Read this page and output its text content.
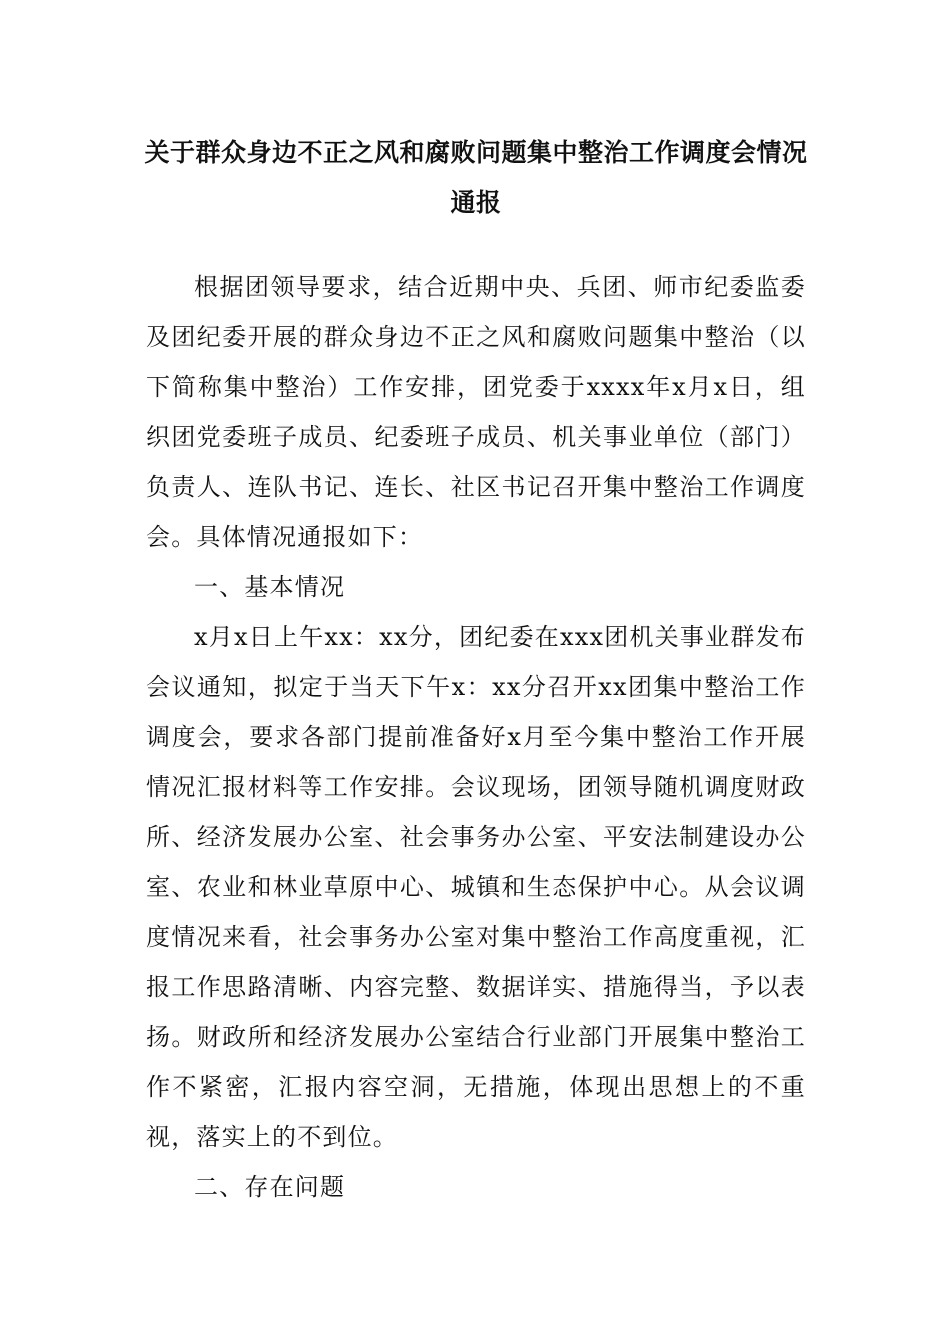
关于群众身边不正之风和腐败问题集中整治工作调度会情况通报

根据团领导要求，结合近期中央、兵团、师市纪委监委及团纪委开展的群众身边不正之风和腐败问题集中整治（以下简称集中整治）工作安排，团党委于xxxx年x月x日，组织团党委班子成员、纪委班子成员、机关事业单位（部门）负责人、连队书记、连长、社区书记召开集中整治工作调度会。具体情况通报如下：

一、基本情况

x月x日上午xx：xx分，团纪委在xxx团机关事业群发布会议通知，拟定于当天下午x：xx分召开xx团集中整治工作调度会，要求各部门提前准备好x月至今集中整治工作开展情况汇报材料等工作安排。会议现场，团领导随机调度财政所、经济发展办公室、社会事务办公室、平安法制建设办公室、农业和林业草原中心、城镇和生态保护中心。从会议调度情况来看，社会事务办公室对集中整治工作高度重视，汇报工作思路清晰、内容完整、数据详实、措施得当，予以表扬。财政所和经济发展办公室结合行业部门开展集中整治工作不紧密，汇报内容空洞，无措施，体现出思想上的不重视，落实上的不到位。

二、存在问题
